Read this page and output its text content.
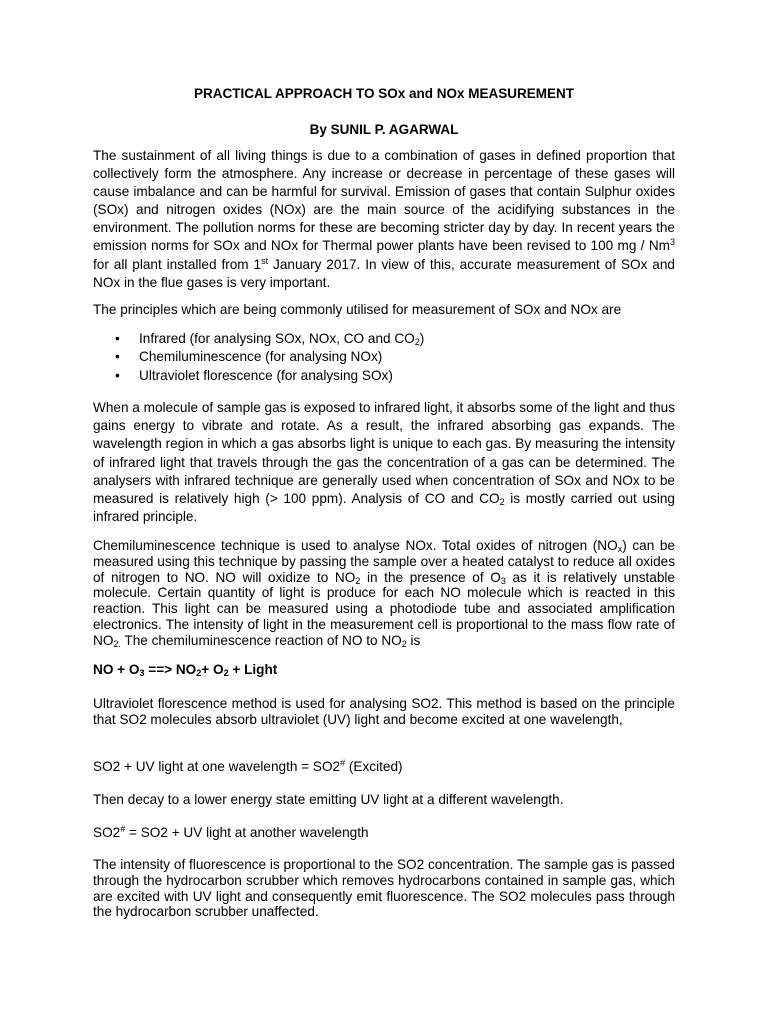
PRACTICAL APPROACH TO SOx and NOx MEASUREMENT
By SUNIL P. AGARWAL

The sustainment of all living things is due to a combination of gases in defined proportion that collectively form the atmosphere. Any increase or decrease in percentage of these gases will cause imbalance and can be harmful for survival. Emission of gases that contain Sulphur oxides (SOx) and nitrogen oxides (NOx) are the main source of the acidifying substances in the environment. The pollution norms for these are becoming stricter day by day. In recent years the emission norms for SOx and NOx for Thermal power plants have been revised to 100 mg / Nm$^3$ for all plant installed from 1st January 2017. In view of this, accurate measurement of SOx and NOx in the flue gases is very important.

The principles which are being commonly utilised for measurement of SOx and NOx are

• Infrared (for analysing SOx, NOx, CO and $CO_2$)
• Chemiluminescence (for analysing NOx)
• Ultraviolet florescence (for analysing SOx)

When a molecule of sample gas is exposed to infrared light, it absorbs some of the light and thus gains energy to vibrate and rotate. As a result, the infrared absorbing gas expands. The wavelength region in which a gas absorbs light is unique to each gas. By measuring the intensity of infrared light that travels through the gas the concentration of a gas can be determined. The analysers with infrared technique are generally used when concentration of SOx and NOx to be measured is relatively high (> 100 ppm). Analysis of CO and $CO_2$ is mostly carried out using infrared principle.

Chemiluminescence technique is used to analyse NOx. Total oxides of nitrogen $(NO_x)$ can be measured using this technique by passing the sample over a heated catalyst to reduce all oxides of nitrogen to NO. NO will oxidize to $NO_2$ in the presence of $O_3$ as it is relatively unstable molecule. Certain quantity of light is produce for each NO molecule which is reacted in this reaction. This light can be measured using a photodiode tube and associated amplification electronics. The intensity of light in the measurement cell is proportional to the mass flow rate of $NO_{2.}$ The chemiluminescence reaction of NO to $NO_2$ is

NO + $O_3$ ==> $NO_2+ O_2$ + Light

Ultraviolet florescence method is used for analysing SO2. This method is based on the principle that SO2 molecules absorb ultraviolet (UV) light and become excited at one wavelength,

SO2 + UV light at one wavelength = SO2# (Excited)
Then decay to a lower energy state emitting UV light at a different wavelength.
SO2# = SO2 + UV light at another wavelength

The intensity of fluorescence is proportional to the SO2 concentration. The sample gas is passed through the hydrocarbon scrubber which removes hydrocarbons contained in sample gas, which are excited with UV light and consequently emit fluorescence. The SO2 molecules pass through the hydrocarbon scrubber unaffected.
